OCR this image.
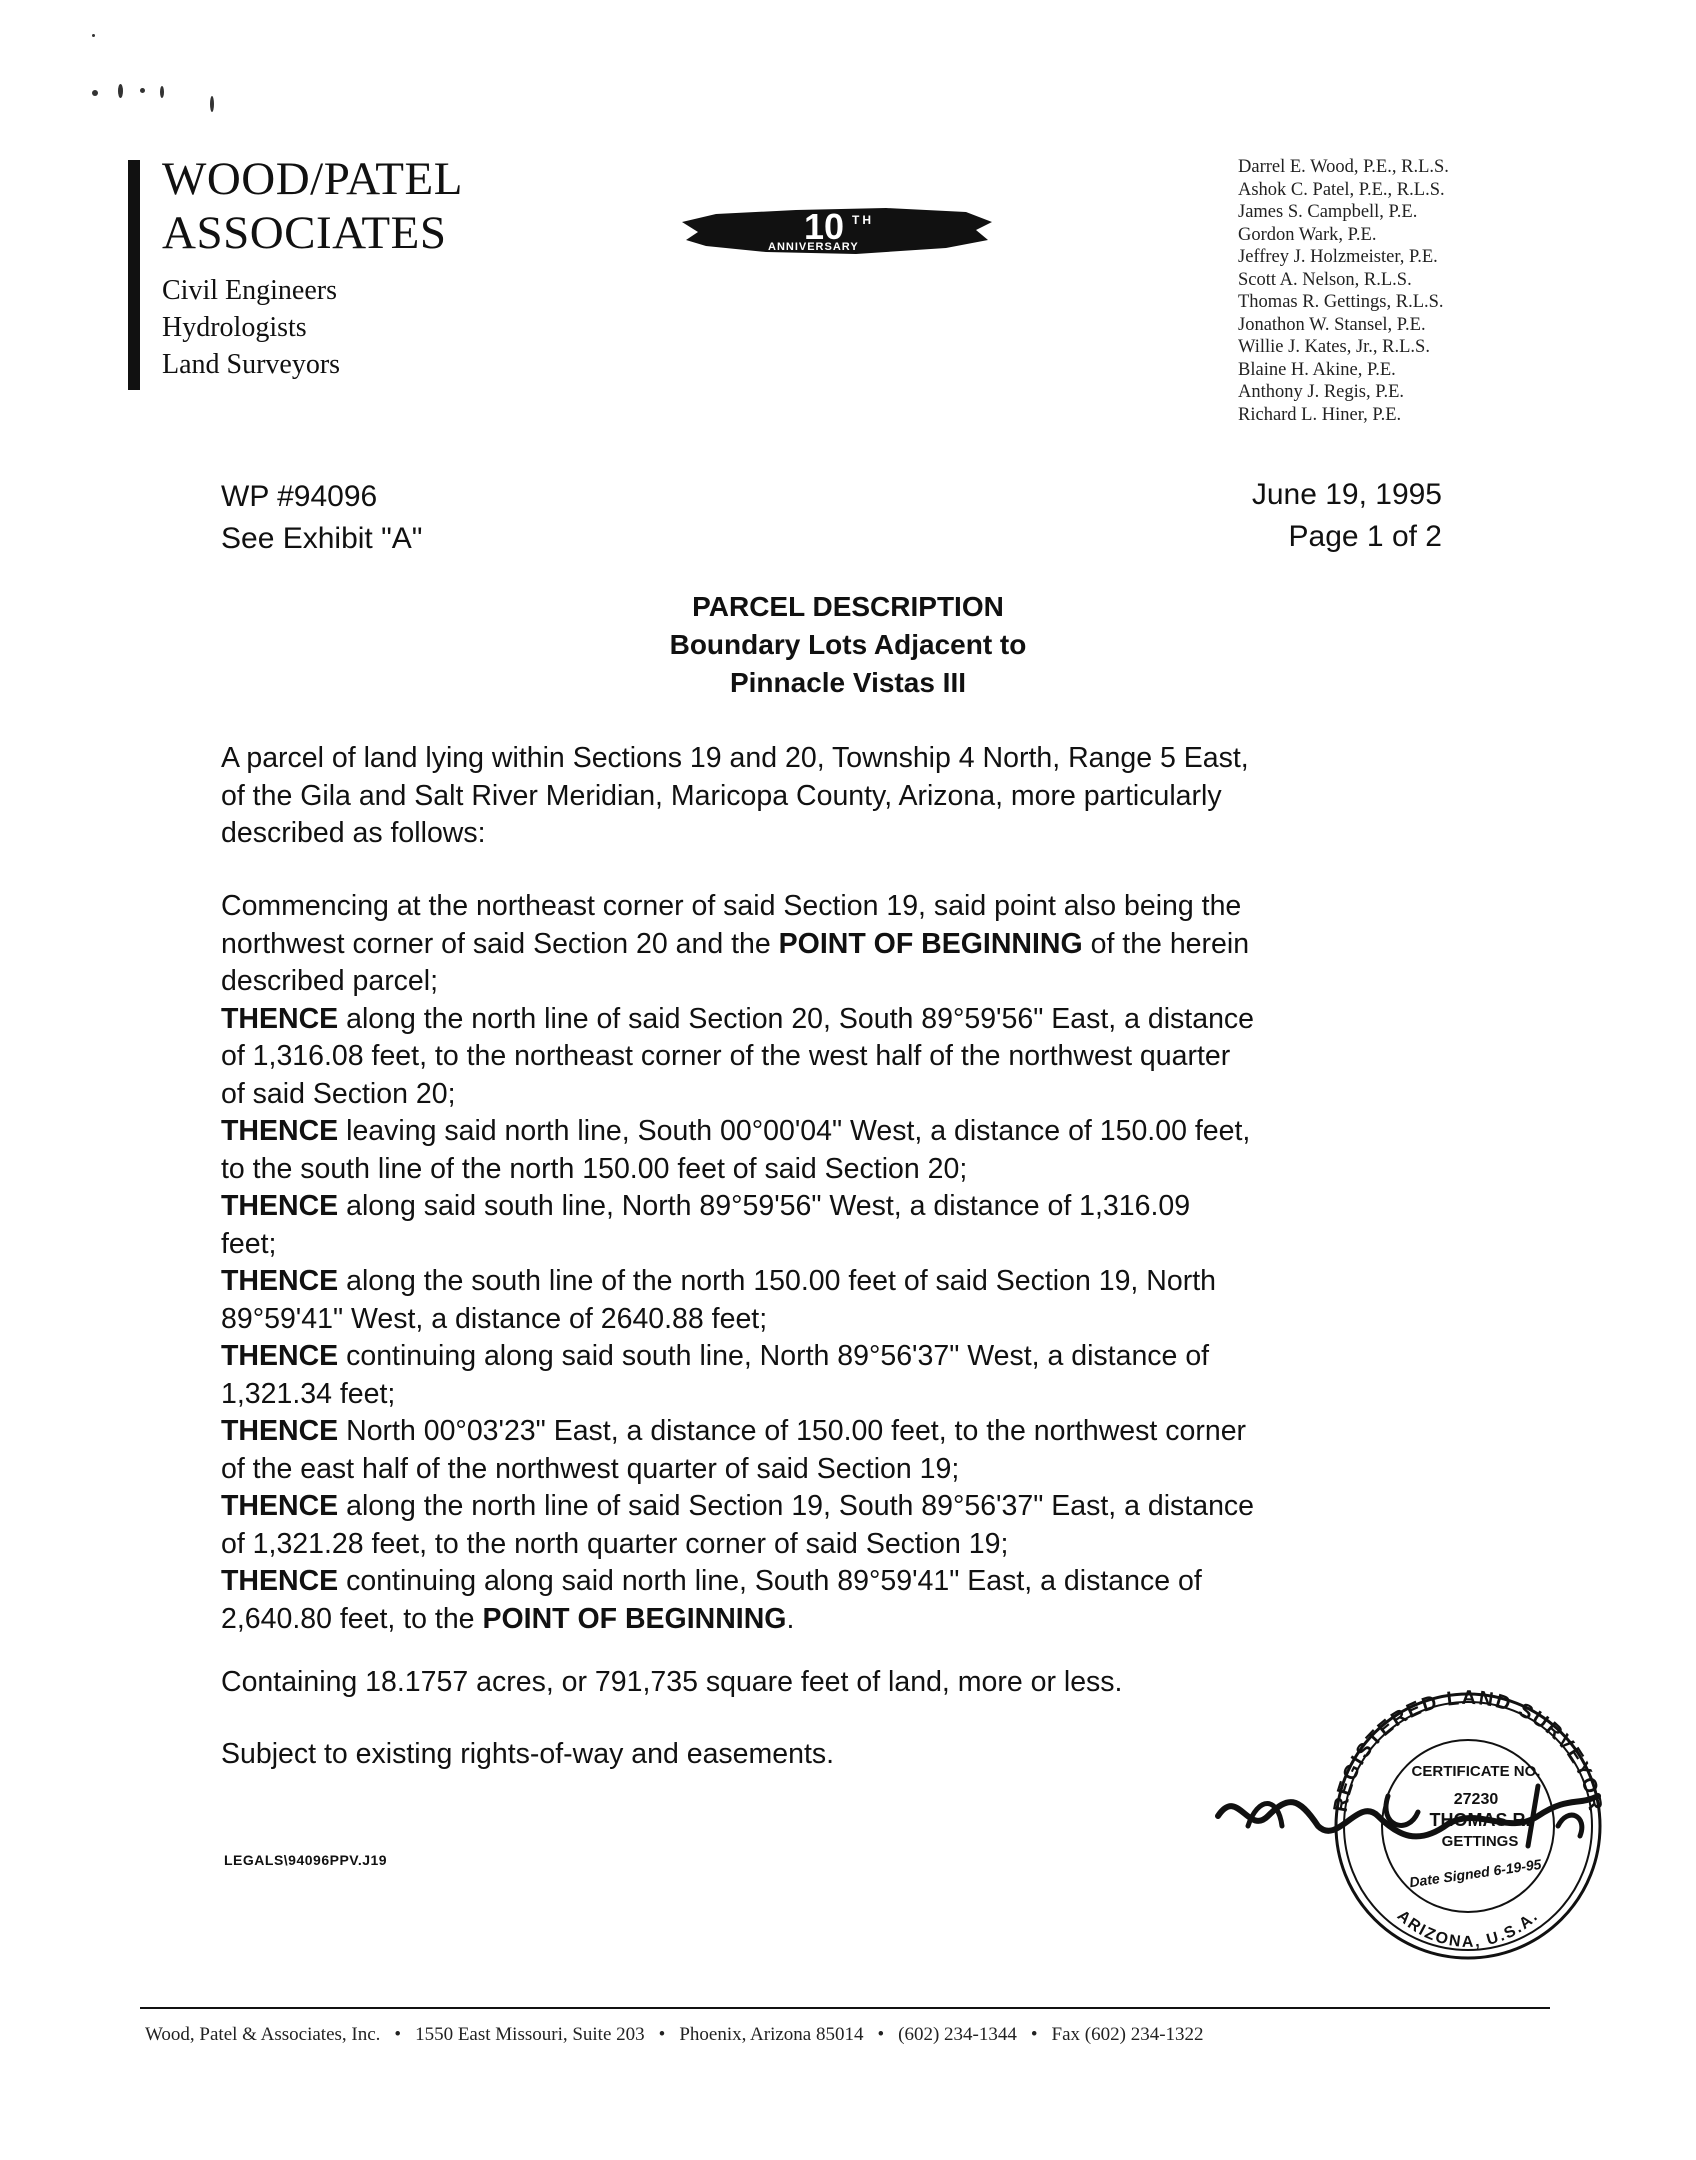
WOOD/PATEL
ASSOCIATES
Civil Engineers
Hydrologists
Land Surveyors
10 TH
ANNIVERSARY
Darrel E. Wood, P.E., R.L.S.
Ashok C. Patel, P.E., R.L.S.
James S. Campbell, P.E.
Gordon Wark, P.E.
Jeffrey J. Holzmeister, P.E.
Scott A. Nelson, R.L.S.
Thomas R. Gettings, R.L.S.
Jonathon W. Stansel, P.E.
Willie J. Kates, Jr., R.L.S.
Blaine H. Akine, P.E.
Anthony J. Regis, P.E.
Richard L. Hiner, P.E.
WP #94096
See Exhibit "A"
June 19, 1995
Page 1 of 2
PARCEL DESCRIPTION
Boundary Lots Adjacent to
Pinnacle Vistas III
A parcel of land lying within Sections 19 and 20, Township 4 North, Range 5 East,
of the Gila and Salt River Meridian, Maricopa County, Arizona, more particularly
described as follows:
Commencing at the northeast corner of said Section 19, said point also being the
northwest corner of said Section 20 and the POINT OF BEGINNING of the herein
described parcel;
THENCE along the north line of said Section 20, South 89°59'56" East, a distance
of 1,316.08 feet, to the northeast corner of the west half of the northwest quarter
of said Section 20;
THENCE leaving said north line, South 00°00'04" West, a distance of 150.00 feet,
to the south line of the north 150.00 feet of said Section 20;
THENCE along said south line, North 89°59'56" West, a distance of 1,316.09
feet;
THENCE along the south line of the north 150.00 feet of said Section 19, North
89°59'41" West, a distance of 2640.88 feet;
THENCE continuing along said south line, North 89°56'37" West, a distance of
1,321.34 feet;
THENCE North 00°03'23" East, a distance of 150.00 feet, to the northwest corner
of the east half of the northwest quarter of said Section 19;
THENCE along the north line of said Section 19, South 89°56'37" East, a distance
of 1,321.28 feet, to the north quarter corner of said Section 19;
THENCE continuing along said north line, South 89°59'41" East, a distance of
2,640.80 feet, to the POINT OF BEGINNING.
Containing 18.1757 acres, or 791,735 square feet of land, more or less.
Subject to existing rights-of-way and easements.
LEGALS\94096PPV.J19
REGISTERED LAND SURVEYOR
ARIZONA, U.S.A.
CERTIFICATE NO.
27230
THOMAS R.
GETTINGS
Date Signed 6-19-95
Wood, Patel & Associates, Inc. • 1550 East Missouri, Suite 203 • Phoenix, Arizona 85014 • (602) 234-1344 • Fax (602) 234-1322
